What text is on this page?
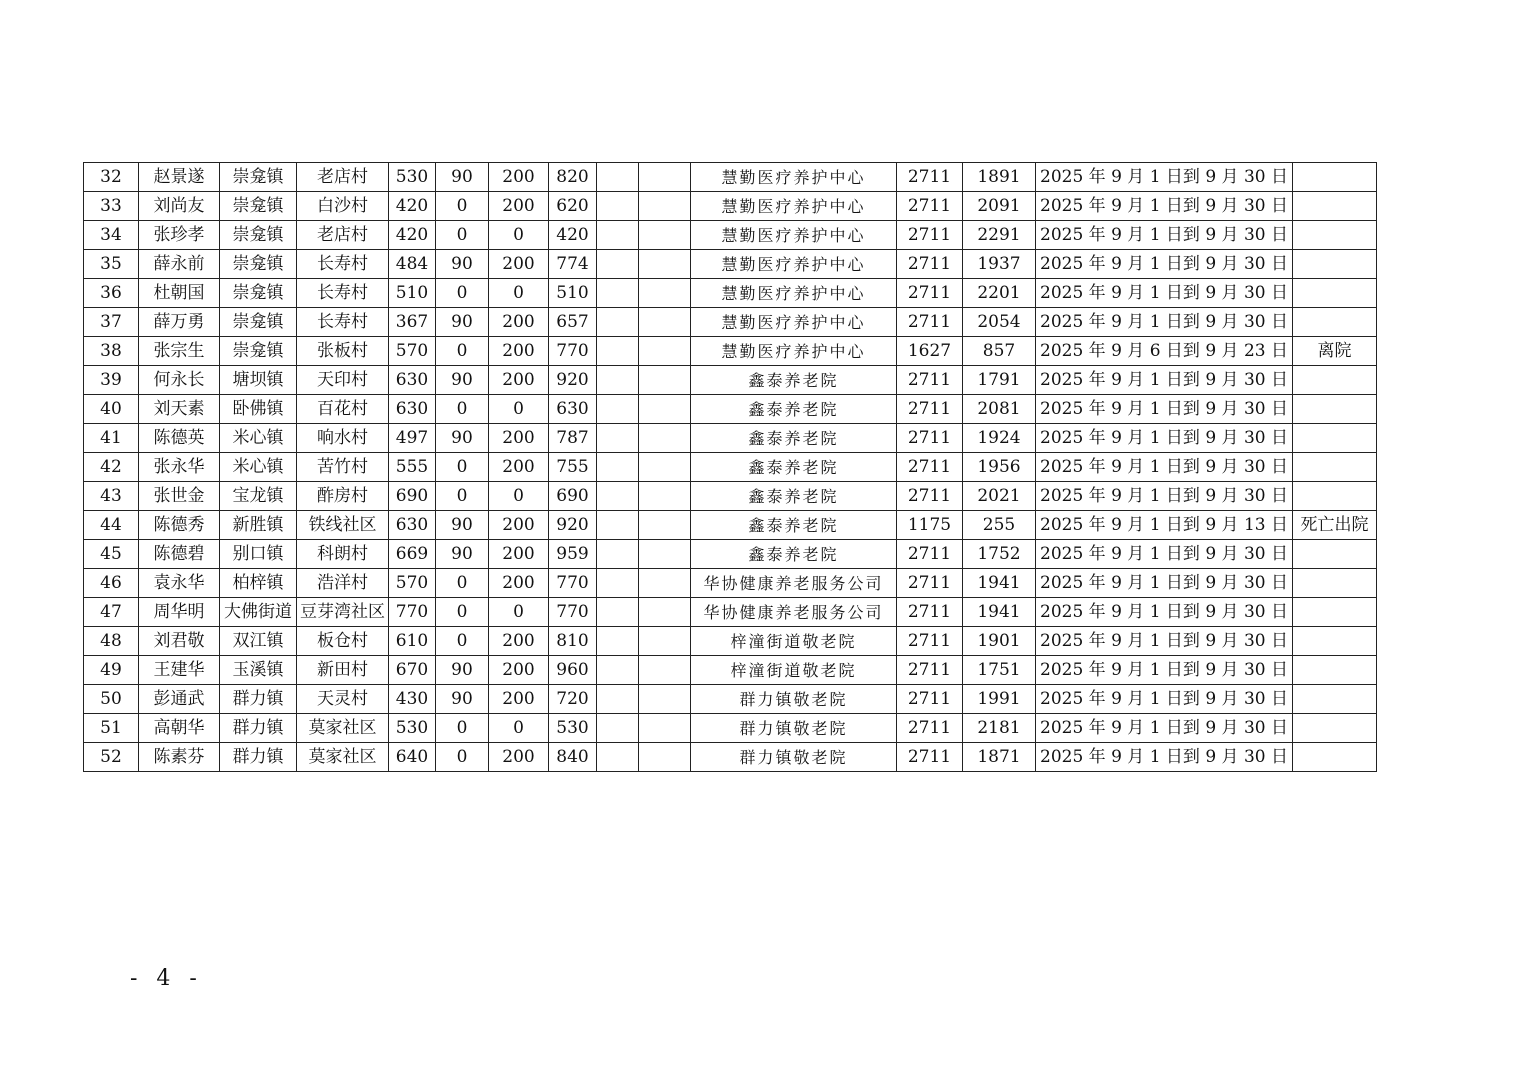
32	赵景遂	崇龛镇	老店村	530	90	200	820			慧勤医疗养护中心	2711	1891	2025 年 9 月 1 日到 9 月 30 日	
33	刘尚友	崇龛镇	白沙村	420	0	200	620			慧勤医疗养护中心	2711	2091	2025 年 9 月 1 日到 9 月 30 日	
34	张珍孝	崇龛镇	老店村	420	0	0	420			慧勤医疗养护中心	2711	2291	2025 年 9 月 1 日到 9 月 30 日	
35	薛永前	崇龛镇	长寿村	484	90	200	774			慧勤医疗养护中心	2711	1937	2025 年 9 月 1 日到 9 月 30 日	
36	杜朝国	崇龛镇	长寿村	510	0	0	510			慧勤医疗养护中心	2711	2201	2025 年 9 月 1 日到 9 月 30 日	
37	薛万勇	崇龛镇	长寿村	367	90	200	657			慧勤医疗养护中心	2711	2054	2025 年 9 月 1 日到 9 月 30 日	
38	张宗生	崇龛镇	张板村	570	0	200	770			慧勤医疗养护中心	1627	857	2025 年 9 月 6 日到 9 月 23 日	离院
39	何永长	塘坝镇	天印村	630	90	200	920			鑫泰养老院	2711	1791	2025 年 9 月 1 日到 9 月 30 日	
40	刘天素	卧佛镇	百花村	630	0	0	630			鑫泰养老院	2711	2081	2025 年 9 月 1 日到 9 月 30 日	
41	陈德英	米心镇	响水村	497	90	200	787			鑫泰养老院	2711	1924	2025 年 9 月 1 日到 9 月 30 日	
42	张永华	米心镇	苦竹村	555	0	200	755			鑫泰养老院	2711	1956	2025 年 9 月 1 日到 9 月 30 日	
43	张世金	宝龙镇	酢房村	690	0	0	690			鑫泰养老院	2711	2021	2025 年 9 月 1 日到 9 月 30 日	
44	陈德秀	新胜镇	铁线社区	630	90	200	920			鑫泰养老院	1175	255	2025 年 9 月 1 日到 9 月 13 日	死亡出院
45	陈德碧	别口镇	科朗村	669	90	200	959			鑫泰养老院	2711	1752	2025 年 9 月 1 日到 9 月 30 日	
46	袁永华	柏梓镇	浩洋村	570	0	200	770			华协健康养老服务公司	2711	1941	2025 年 9 月 1 日到 9 月 30 日	
47	周华明	大佛街道	豆芽湾社区	770	0	0	770			华协健康养老服务公司	2711	1941	2025 年 9 月 1 日到 9 月 30 日	
48	刘君敬	双江镇	板仓村	610	0	200	810			梓潼街道敬老院	2711	1901	2025 年 9 月 1 日到 9 月 30 日	
49	王建华	玉溪镇	新田村	670	90	200	960			梓潼街道敬老院	2711	1751	2025 年 9 月 1 日到 9 月 30 日	
50	彭通武	群力镇	天灵村	430	90	200	720			群力镇敬老院	2711	1991	2025 年 9 月 1 日到 9 月 30 日	
51	高朝华	群力镇	莫家社区	530	0	0	530			群力镇敬老院	2711	2181	2025 年 9 月 1 日到 9 月 30 日	
52	陈素芬	群力镇	莫家社区	640	0	200	840			群力镇敬老院	2711	1871	2025 年 9 月 1 日到 9 月 30 日	
- 4 -
